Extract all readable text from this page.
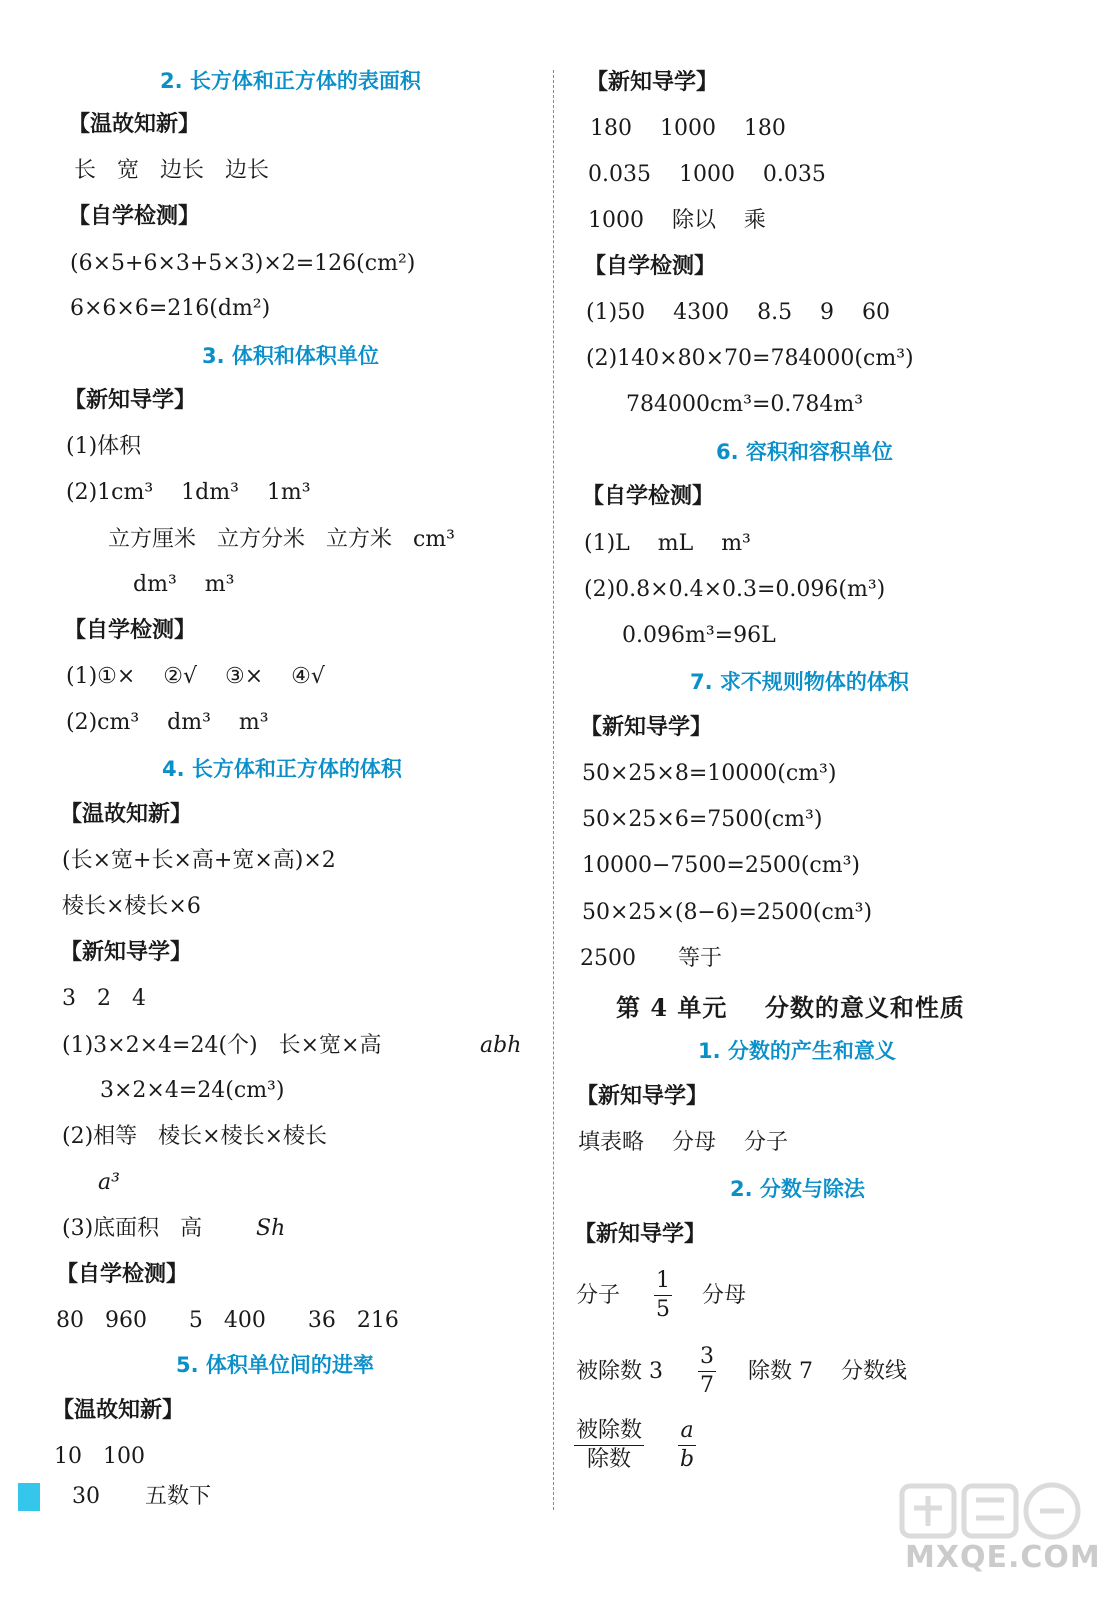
2. 长方体和正方体的表面积
【温故知新】
长   宽   边长   边长
【自学检测】
(6×5+6×3+5×3)×2=126(cm²)
6×6×6=216(dm²)
3. 体积和体积单位
【新知导学】
(1)体积
(2)1cm³    1dm³    1m³
立方厘米   立方分米   立方米   cm³
dm³    m³
【自学检测】
(1)①×    ②√    ③×    ④√
(2)cm³    dm³    m³
4. 长方体和正方体的体积
【温故知新】
(长×宽+长×高+宽×高)×2
棱长×棱长×6
【新知导学】
3   2   4
(1)3×2×4=24(个)   长×宽×高	abh
3×2×4=24(cm³)
(2)相等   棱长×棱长×棱长
a³
(3)底面积   高 Sh
【自学检测】
80   960      5   400      36   216
5. 体积单位间的进率
【温故知新】
10   100
【新知导学】
180    1000    180
0.035    1000    0.035
1000    除以    乘
【自学检测】
(1)50    4300    8.5    9    60
(2)140×80×70=784000(cm³)
784000cm³=0.784m³
6. 容积和容积单位
【自学检测】
(1)L    mL    m³
(2)0.8×0.4×0.3=0.096(m³)
0.096m³=96L
7. 求不规则物体的体积
【新知导学】
50×25×8=10000(cm³)
50×25×6=7500(cm³)
10000−7500=2500(cm³)
50×25×(8−6)=2500(cm³)
2500      等于
第 4 单元    分数的意义和性质
1. 分数的产生和意义
【新知导学】
填表略    分母    分子
2. 分数与除法
【新知导学】
分子
1
5
分母
被除数 3
3
7
除数 7    分数线
被除数
除数
a
b
30 五数下
MXQE.COM
